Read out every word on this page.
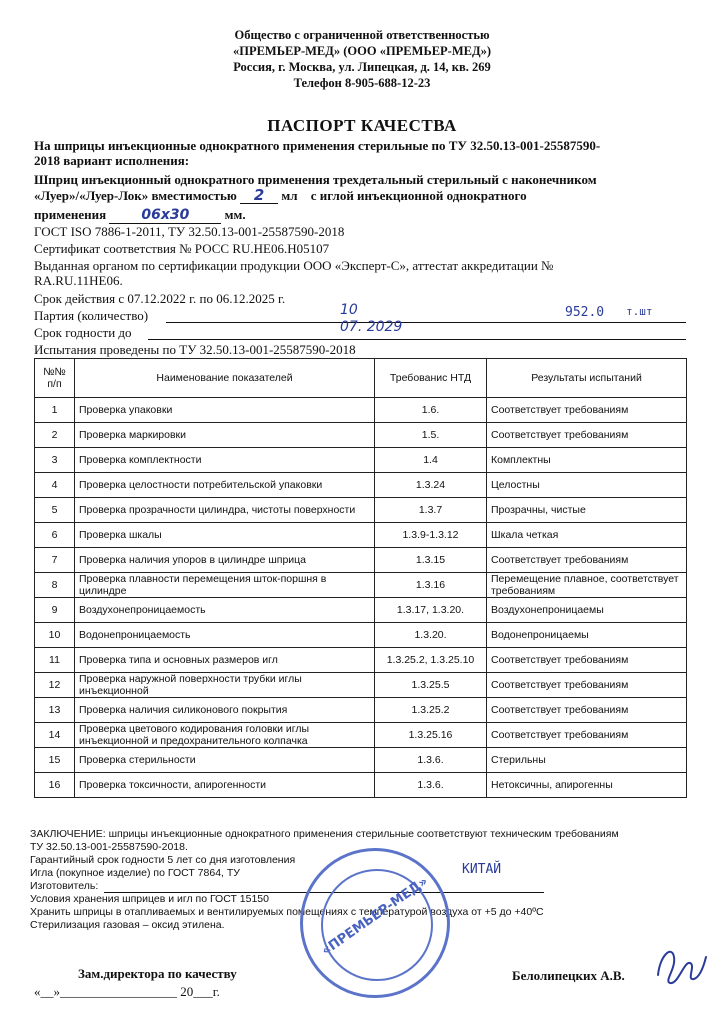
Общество с ограниченной ответственностью
«ПРЕМЬЕР-МЕД» (ООО «ПРЕМЬЕР-МЕД»)
Россия, г. Москва, ул. Липецкая, д. 14, кв. 269
Телефон 8-905-688-12-23
ПАСПОРТ КАЧЕСТВА
На шприцы инъекционные однократного применения стерильные по ТУ 32.50.13-001-25587590-
2018 вариант исполнения:
Шприц инъекционный однократного применения трехдетальный стерильный с наконечником
«Луер»/«Луер-Лок» вместимостью 2 мл с иглой инъекционной однократного
применения	06х30	мм.
ГОСТ ISO 7886-1-2011, ТУ 32.50.13-001-25587590-2018
Сертификат соответствия № РОСС RU.НЕ06.Н05107
Выданная органом по сертификации продукции ООО «Эксперт-С», аттестат аккредитации №
RA.RU.11НЕ06.
Срок действия с 07.12.2022 г. по 06.12.2025 г.
Партия (количество)	10	952.0 т.шт
Срок годности до	07. 2029
Испытания проведены по ТУ 32.50.13-001-25587590-2018
№№
п/п	Наименование показателей	Требованис НТД	Результаты испытаний
1	Проверка упаковки	1.6.	Соответствует требованиям
2	Проверка маркировки	1.5.	Соответствует требованиям
3	Проверка комплектности	1.4	Комплектны
4	Проверка целостности потребительской упаковки	1.3.24	Целостны
5	Проверка прозрачности цилиндра, чистоты поверхности	1.3.7	Прозрачны, чистые
6	Проверка шкалы	1.3.9-1.3.12	Шкала четкая
7	Проверка наличия упоров в цилиндре шприца	1.3.15	Соответствует требованиям
8	Проверка плавности перемещения шток-поршня в цилиндре	1.3.16	Перемещение плавное, соответствует требованиям
9	Воздухонепроницаемость	1.3.17, 1.3.20.	Воздухонепроницаемы
10	Водонепроницаемость	1.3.20.	Водонепроницаемы
11	Проверка типа и основных размеров игл	1.3.25.2, 1.3.25.10	Соответствует требованиям
12	Проверка наружной поверхности трубки иглы инъекционной	1.3.25.5	Соответствует требованиям
13	Проверка наличия силиконового покрытия	1.3.25.2	Соответствует требованиям
14	Проверка цветового кодирования головки иглы инъекционной и предохранительного колпачка	1.3.25.16	Соответствует требованиям
15	Проверка стерильности	1.3.6.	Стерильны
16	Проверка токсичности, апирогенности	1.3.6.	Нетоксичны, апирогенны
ЗАКЛЮЧЕНИЕ: шприцы инъекционные однократного применения стерильные соответствуют техническим требованиям
ТУ 32.50.13-001-25587590-2018.
Гарантийный срок годности 5 лет со дня изготовления
Игла (покупное изделие) по ГОСТ 7864, ТУ
Изготовитель:
КИТАЙ
Условия хранения шприцев и игл по ГОСТ 15150
Хранить шприцы в отапливаемых и вентилируемых помещениях с температурой воздуха от +5 до +40ºС
Стерилизация газовая – оксид этилена.
Зам.директора по качеству
«__»__________________ 20___г.
Белолипецких А.В.
«ПРЕМЬЕР-МЕД»
